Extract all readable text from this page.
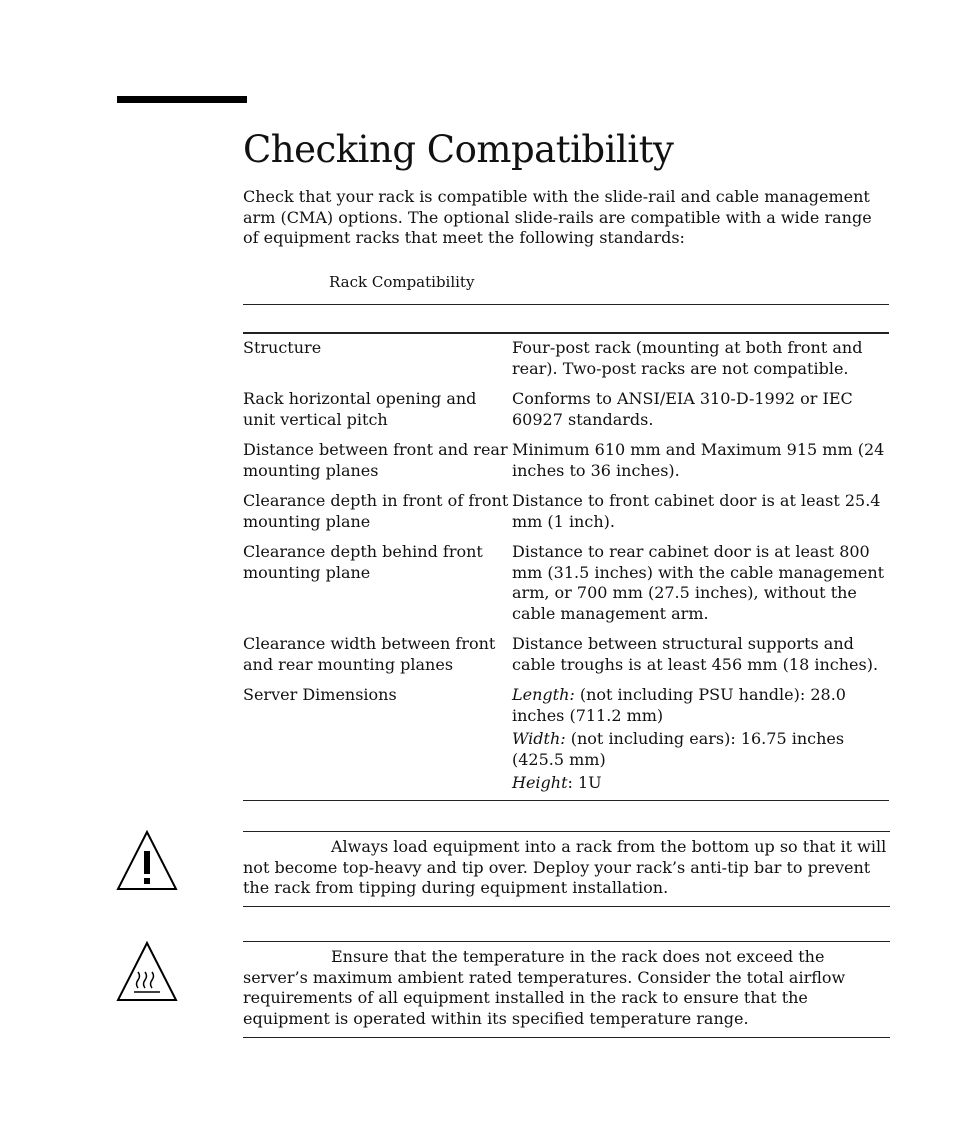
Checking Compatibility

Check that your rack is compatible with the slide-rail and cable management arm (CMA) options. The optional slide-rails are compatible with a wide range of equipment racks that meet the following standards:

Rack Compatibility
Structure	Four-post rack (mounting at both front and rear). Two-post racks are not compatible.
Rack horizontal opening and unit vertical pitch
Conforms to ANSI/EIA 310-D-1992 or IEC 60927 standards.
Distance between front and rear mounting planes
Minimum 610 mm and Maximum 915 mm (24 inches to 36 inches).
Clearance depth in front of front mounting plane
Distance to front cabinet door is at least 25.4 mm (1 inch).
Clearance depth behind front mounting plane
Distance to rear cabinet door is at least 800 mm (31.5 inches) with the cable management arm, or 700 mm (27.5 inches), without the cable management arm.
Clearance width between front and rear mounting planes
Distance between structural supports and cable troughs is at least 456 mm (18 inches).
Server Dimensions	Length: (not including PSU handle): 28.0 inches (711.2 mm)
Width: (not including ears): 16.75 inches (425.5 mm)
Height: 1U

Always load equipment into a rack from the bottom up so that it will not become top-heavy and tip over. Deploy your rack’s anti-tip bar to prevent the rack from tipping during equipment installation.

Ensure that the temperature in the rack does not exceed the server’s maximum ambient rated temperatures. Consider the total airflow requirements of all equipment installed in the rack to ensure that the equipment is operated within its specified temperature range.
